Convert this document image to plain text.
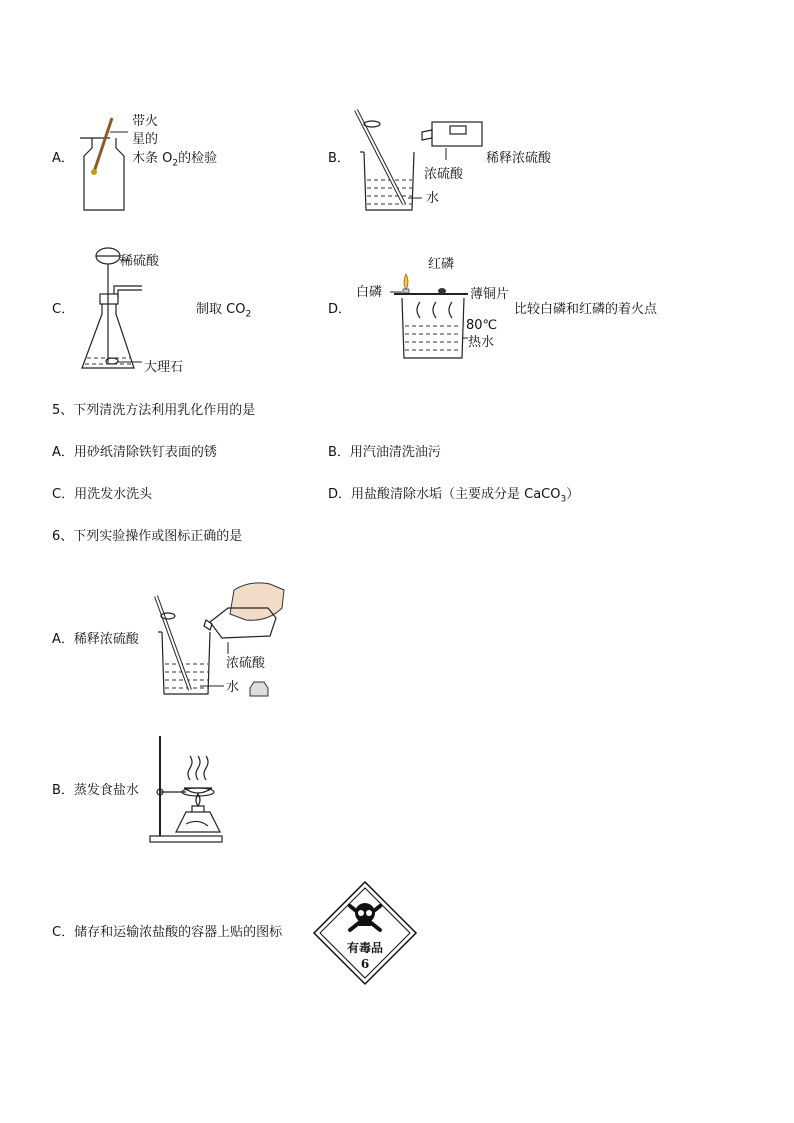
A．
带火
星的
木条 $O_2$的检验	B．	稀释浓硫酸
浓硫酸
水
C．
稀硫酸
大理石
制取 $CO_2$	D．
红磷
白磷	薄铜片
80℃
热水
比较白磷和红磷的着火点
5、下列清洗方法利用乳化作用的是
A．用砂纸清除铁钉表面的锈	B．用汽油清洗油污
C．用洗发水洗头	D．用盐酸清除水垢（主要成分是 CaCO$_3$）
6、下列实验操作或图标正确的是
A．稀释浓硫酸
浓硫酸
水
B．蒸发食盐水
C．储存和运输浓盐酸的容器上贴的图标
有毒品
6
